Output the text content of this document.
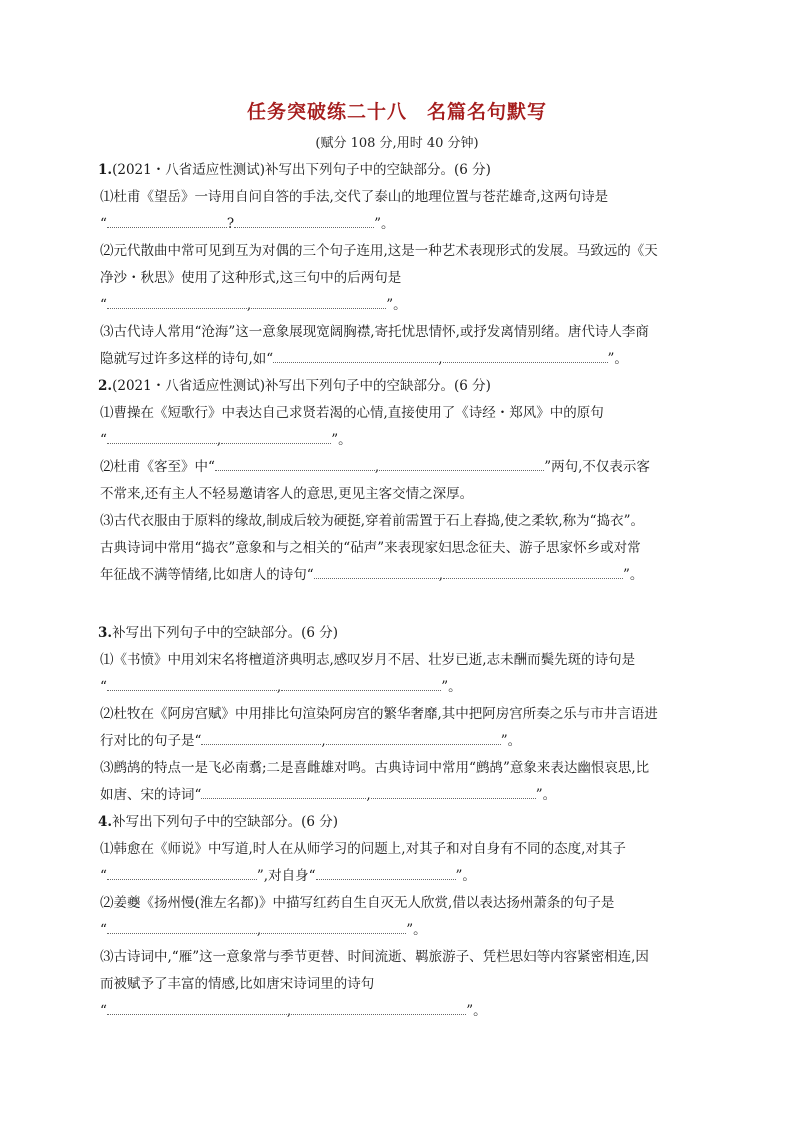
任务突破练二十八　名篇名句默写
(赋分 108 分,用时 40 分钟)
1.(2021・八省适应性测试)补写出下列句子中的空缺部分。(6 分)
⑴杜甫《望岳》一诗用自问自答的手法,交代了泰山的地理位置与苍茫雄奇,这两句诗是
“	?	”。
⑵元代散曲中常可见到互为对偶的三个句子连用,这是一种艺术表现形式的发展。马致远的《天
净沙・秋思》使用了这种形式,这三句中的后两句是
“	,	”。
⑶古代诗人常用“沧海”这一意象展现宽阔胸襟,寄托忧思情怀,或抒发离情别绪。唐代诗人李商
隐就写过许多这样的诗句,如“	,	”。
2.(2021・八省适应性测试)补写出下列句子中的空缺部分。(6 分)
⑴曹操在《短歌行》中表达自己求贤若渴的心情,直接使用了《诗经・郑风》中的原句
“	,	”。
⑵杜甫《客至》中“	,	”两句,不仅表示客
不常来,还有主人不轻易邀请客人的意思,更见主客交情之深厚。
⑶古代衣服由于原料的缘故,制成后较为硬挺,穿着前需置于石上舂捣,使之柔软,称为“捣衣”。
古典诗词中常用“捣衣”意象和与之相关的“砧声”来表现家妇思念征夫、游子思家怀乡或对常
年征战不满等情绪,比如唐人的诗句“	,	”。
3.补写出下列句子中的空缺部分。(6 分)
⑴《书愤》中用刘宋名将檀道济典明志,感叹岁月不居、壮岁已逝,志未酬而鬓先斑的诗句是
“	,	”。
⑵杜牧在《阿房宫赋》中用排比句渲染阿房宫的繁华奢靡,其中把阿房宫所奏之乐与市井言语进
行对比的句子是“	,	”。
⑶鹧鸪的特点一是飞必南翥;二是喜雌雄对鸣。古典诗词中常用“鹧鸪”意象来表达幽恨哀思,比
如唐、宋的诗词“	,	”。
4.补写出下列句子中的空缺部分。(6 分)
⑴韩愈在《师说》中写道,时人在从师学习的问题上,对其子和对自身有不同的态度,对其子
“	”,对自身“	”。
⑵姜夔《扬州慢(淮左名都)》中描写红药自生自灭无人欣赏,借以表达扬州萧条的句子是
“	,	”。
⑶古诗词中,“雁”这一意象常与季节更替、时间流逝、羁旅游子、凭栏思妇等内容紧密相连,因
而被赋予了丰富的情感,比如唐宋诗词里的诗句
“	,	”。
